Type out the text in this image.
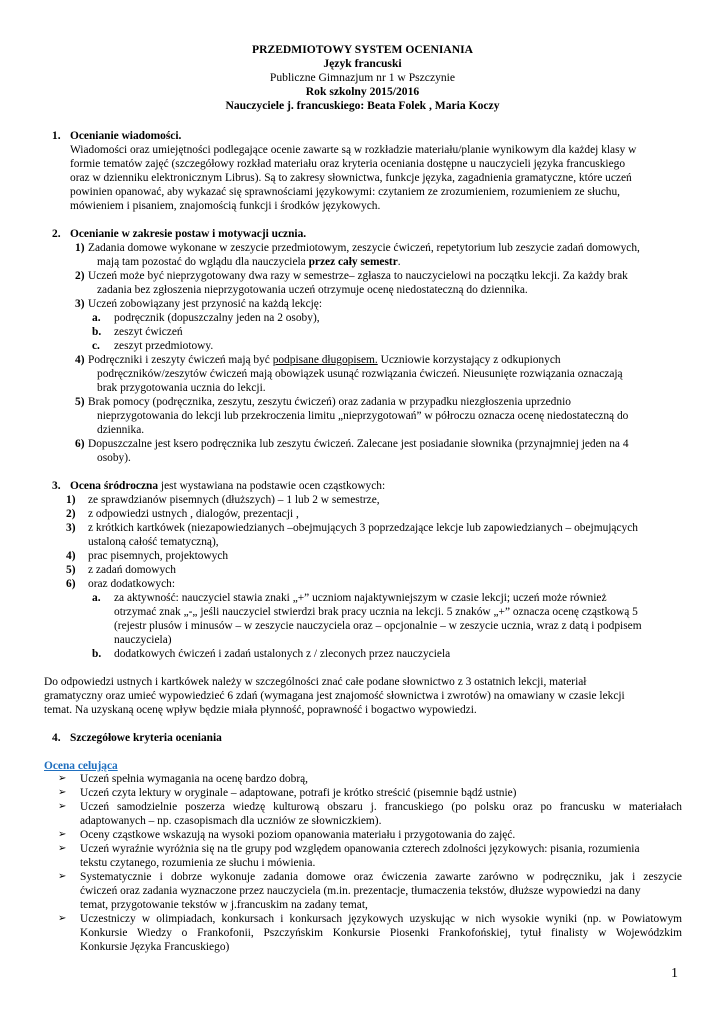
PRZEDMIOTOWY SYSTEM OCENIANIA
Język francuski
Publiczne Gimnazjum nr 1 w Pszczynie
Rok szkolny 2015/2016
Nauczyciele j. francuskiego: Beata Folek , Maria Koczy
1. Ocenianie wiadomości.
Wiadomości oraz umiejętności podlegające ocenie zawarte są w rozkładzie materiału/planie wynikowym dla każdej klasy w
formie tematów zajęć (szczegółowy rozkład materiału oraz kryteria oceniania dostępne u nauczycieli języka francuskiego
oraz w dzienniku elektronicznym Librus). Są to zakresy słownictwa, funkcje języka, zagadnienia gramatyczne, które uczeń
powinien opanować, aby wykazać się sprawnościami językowymi: czytaniem ze zrozumieniem, rozumieniem ze słuchu,
mówieniem i pisaniem, znajomością funkcji i środków językowych.
2. Ocenianie w zakresie postaw i motywacji ucznia.
1) Zadania domowe wykonane w zeszycie przedmiotowym, zeszycie ćwiczeń, repetytorium lub zeszycie zadań domowych,
mają tam pozostać do wglądu dla nauczyciela przez cały semestr.
2) Uczeń może być nieprzygotowany dwa razy w semestrze– zgłasza to nauczycielowi na początku lekcji. Za każdy brak
zadania bez zgłoszenia nieprzygotowania uczeń otrzymuje ocenę niedostateczną do dziennika.
3) Uczeń zobowiązany jest przynosić na każdą lekcję:
a. podręcznik (dopuszczalny jeden na 2 osoby),
b. zeszyt ćwiczeń
c. zeszyt przedmiotowy.
4) Podręczniki i zeszyty ćwiczeń mają być podpisane długopisem. Uczniowie korzystający z odkupionych
podręczników/zeszytów ćwiczeń mają obowiązek usunąć rozwiązania ćwiczeń. Nieusunięte rozwiązania oznaczają
brak przygotowania ucznia do lekcji.
5) Brak pomocy (podręcznika, zeszytu, zeszytu ćwiczeń) oraz zadania w przypadku niezgłoszenia uprzednio
nieprzygotowania do lekcji lub przekroczenia limitu „nieprzygotowań” w półroczu oznacza ocenę niedostateczną do
dziennika.
6) Dopuszczalne jest ksero podręcznika lub zeszytu ćwiczeń. Zalecane jest posiadanie słownika (przynajmniej jeden na 4
osoby).
3. Ocena śródroczna jest wystawiana na podstawie ocen cząstkowych:
1) ze sprawdzianów pisemnych (dłuższych) – 1 lub 2 w semestrze,
2) z odpowiedzi ustnych , dialogów, prezentacji ,
3) z krótkich kartkówek (niezapowiedzianych –obejmujących 3 poprzedzające lekcje lub zapowiedzianych – obejmujących
ustaloną całość tematyczną),
4) prac pisemnych, projektowych
5) z zadań domowych
6) oraz dodatkowych:
a. za aktywność: nauczyciel stawia znaki „+” uczniom najaktywniejszym w czasie lekcji; uczeń może również
otrzymać znak „-„ jeśli nauczyciel stwierdzi brak pracy ucznia na lekcji. 5 znaków „+” oznacza ocenę cząstkową 5
(rejestr plusów i minusów – w zeszycie nauczyciela oraz – opcjonalnie – w zeszycie ucznia, wraz z datą i podpisem
nauczyciela)
b. dodatkowych ćwiczeń i zadań ustalonych z / zleconych przez nauczyciela
Do odpowiedzi ustnych i kartkówek należy w szczególności znać całe podane słownictwo z 3 ostatnich lekcji, materiał
gramatyczny oraz umieć wypowiedzieć 6 zdań (wymagana jest znajomość słownictwa i zwrotów) na omawiany w czasie lekcji
temat. Na uzyskaną ocenę wpływ będzie miała płynność, poprawność i bogactwo wypowiedzi.
4. Szczegółowe kryteria oceniania
Ocena celująca
➢ Uczeń spełnia wymagania na ocenę bardzo dobrą,
➢ Uczeń czyta lektury w oryginale – adaptowane, potrafi je krótko streścić (pisemnie bądź ustnie)
➢ Uczeń samodzielnie poszerza wiedzę kulturową obszaru j. francuskiego (po polsku oraz po francusku w materiałach
adaptowanych – np. czasopismach dla uczniów ze słowniczkiem).
➢ Oceny cząstkowe wskazują na wysoki poziom opanowania materiału i przygotowania do zajęć.
➢ Uczeń wyraźnie wyróżnia się na tle grupy pod względem opanowania czterech zdolności językowych: pisania, rozumienia
tekstu czytanego, rozumienia ze słuchu i mówienia.
➢ Systematycznie i dobrze wykonuje zadania domowe oraz ćwiczenia zawarte zarówno w podręczniku, jak i zeszycie
ćwiczeń oraz zadania wyznaczone przez nauczyciela (m.in. prezentacje, tłumaczenia tekstów, dłuższe wypowiedzi na dany
temat, przygotowanie tekstów w j.francuskim na zadany temat,
➢ Uczestniczy w olimpiadach, konkursach i konkursach językowych uzyskując w nich wysokie wyniki (np. w Powiatowym
Konkursie Wiedzy o Frankofonii, Pszczyńskim Konkursie Piosenki Frankofońskiej, tytuł finalisty w Wojewódzkim
Konkursie Języka Francuskiego)
1
